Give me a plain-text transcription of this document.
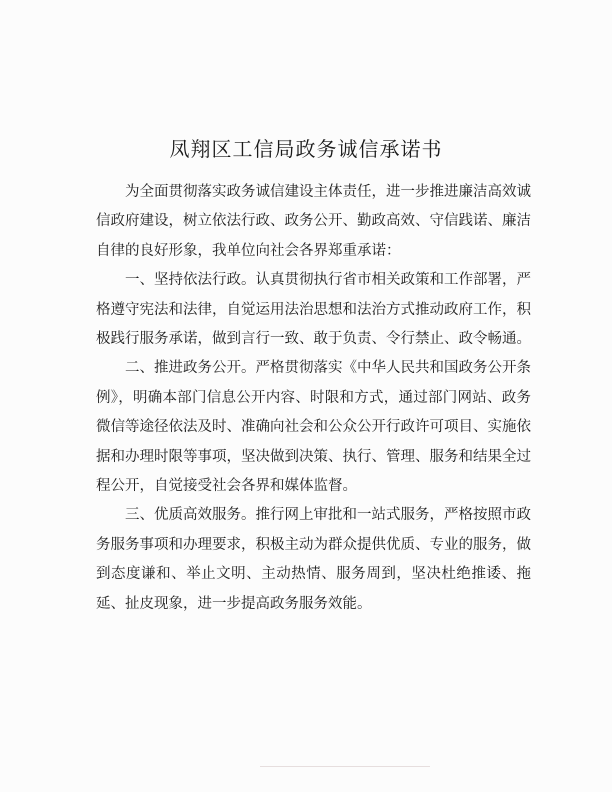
凤翔区工信局政务诚信承诺书

为全面贯彻落实政务诚信建设主体责任，进一步推进廉洁高效诚信政府建设，树立依法行政、政务公开、勤政高效、守信践诺、廉洁自律的良好形象，我单位向社会各界郑重承诺：

一、坚持依法行政。认真贯彻执行省市相关政策和工作部署，严格遵守宪法和法律，自觉运用法治思想和法治方式推动政府工作，积极践行服务承诺，做到言行一致、敢于负责、令行禁止、政令畅通。

二、推进政务公开。严格贯彻落实《中华人民共和国政务公开条例》，明确本部门信息公开内容、时限和方式，通过部门网站、政务微信等途径依法及时、准确向社会和公众公开行政许可项目、实施依据和办理时限等事项，坚决做到决策、执行、管理、服务和结果全过程公开，自觉接受社会各界和媒体监督。

三、优质高效服务。推行网上审批和一站式服务，严格按照市政务服务事项和办理要求，积极主动为群众提供优质、专业的服务，做到态度谦和、举止文明、主动热情、服务周到，坚决杜绝推诿、拖延、扯皮现象，进一步提高政务服务效能。
